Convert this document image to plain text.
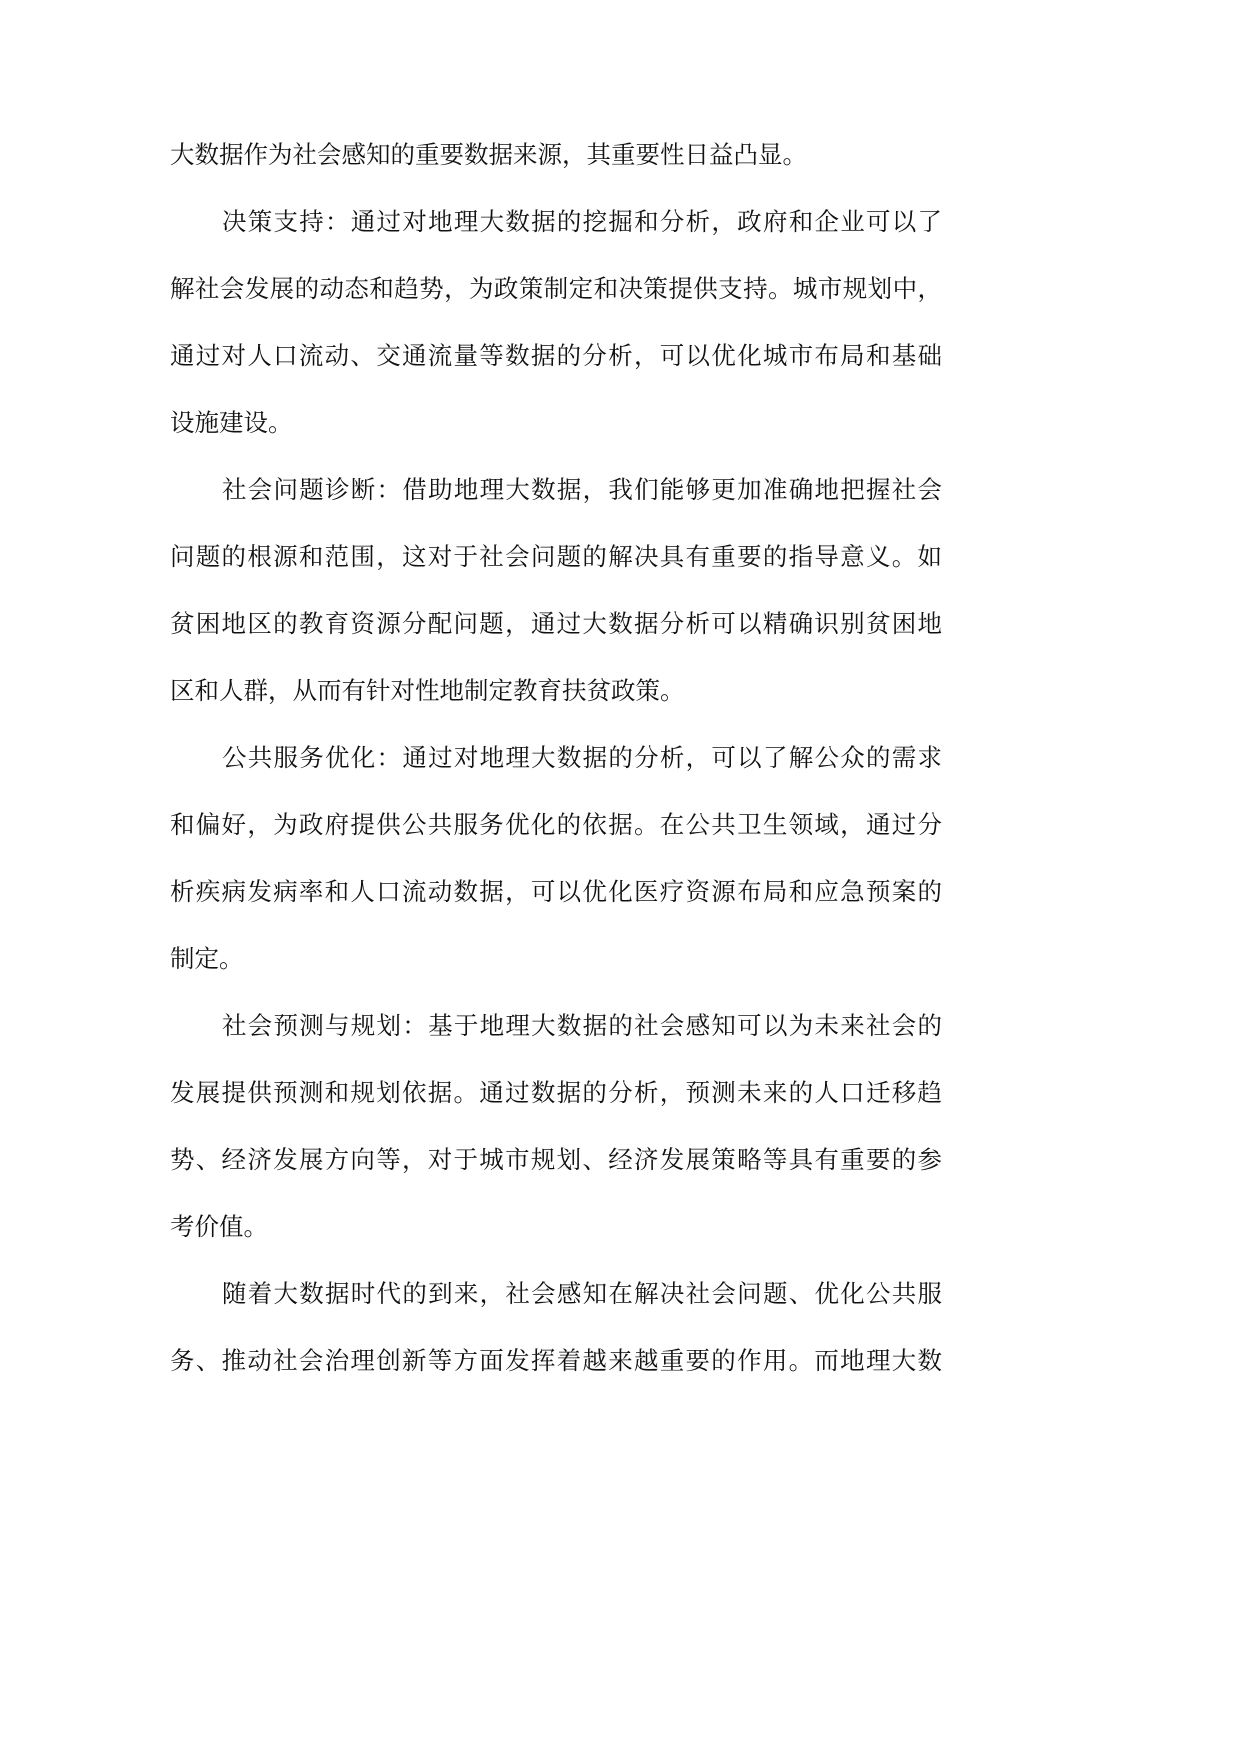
大数据作为社会感知的重要数据来源，其重要性日益凸显。
决策支持：通过对地理大数据的挖掘和分析，政府和企业可以了
解社会发展的动态和趋势，为政策制定和决策提供支持。城市规划中，
通过对人口流动、交通流量等数据的分析，可以优化城市布局和基础
设施建设。
社会问题诊断：借助地理大数据，我们能够更加准确地把握社会
问题的根源和范围，这对于社会问题的解决具有重要的指导意义。如
贫困地区的教育资源分配问题，通过大数据分析可以精确识别贫困地
区和人群，从而有针对性地制定教育扶贫政策。
公共服务优化：通过对地理大数据的分析，可以了解公众的需求
和偏好，为政府提供公共服务优化的依据。在公共卫生领域，通过分
析疾病发病率和人口流动数据，可以优化医疗资源布局和应急预案的
制定。
社会预测与规划：基于地理大数据的社会感知可以为未来社会的
发展提供预测和规划依据。通过数据的分析，预测未来的人口迁移趋
势、经济发展方向等，对于城市规划、经济发展策略等具有重要的参
考价值。
随着大数据时代的到来，社会感知在解决社会问题、优化公共服
务、推动社会治理创新等方面发挥着越来越重要的作用。而地理大数
